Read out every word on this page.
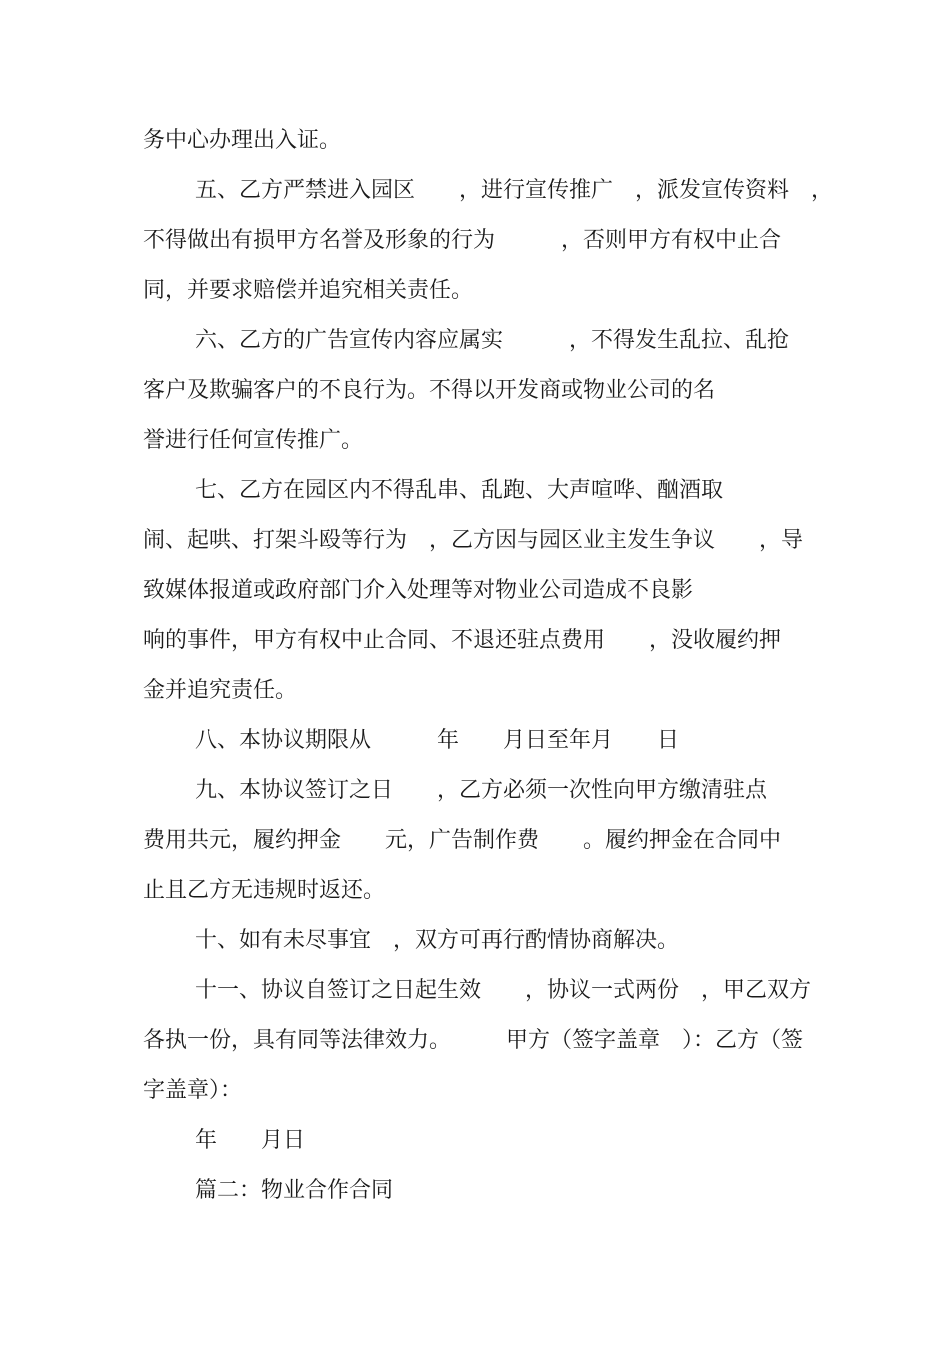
务中心办理出入证。
五、乙方严禁进入园区　　，进行宣传推广　，派发宣传资料　，
不得做出有损甲方名誉及形象的行为　　　，否则甲方有权中止合
同，并要求赔偿并追究相关责任。
六、乙方的广告宣传内容应属实　　　，不得发生乱拉、乱抢
客户及欺骗客户的不良行为。不得以开发商或物业公司的名
誉进行任何宣传推广。
七、乙方在园区内不得乱串、乱跑、大声喧哗、酗酒取
闹、起哄、打架斗殴等行为　，乙方因与园区业主发生争议　　，导
致媒体报道或政府部门介入处理等对物业公司造成不良影
响的事件，甲方有权中止合同、不退还驻点费用　　，没收履约押
金并追究责任。
八、本协议期限从　　　年　　月日至年月　　日
九、本协议签订之日　　，乙方必须一次性向甲方缴清驻点
费用共元，履约押金　　元，广告制作费　　。履约押金在合同中
止且乙方无违规时返还。
十、如有未尽事宜　，双方可再行酌情协商解决。
十一、协议自签订之日起生效　　，协议一式两份　，甲乙双方
各执一份，具有同等法律效力。　　　甲方（签字盖章　）：乙方（签
字盖章）：
年　　月日
篇二：物业合作合同
